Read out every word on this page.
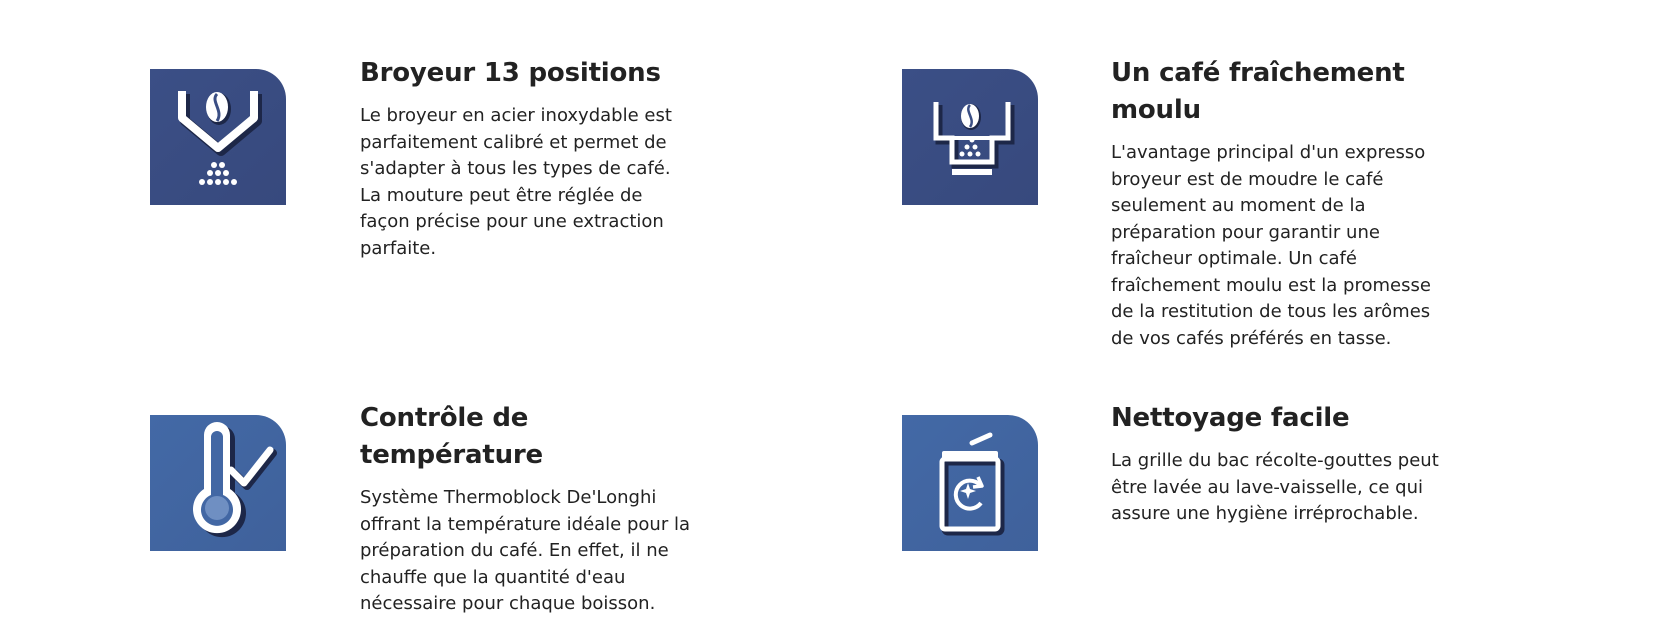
Broyeur 13 positions

Le broyeur en acier inoxydable est parfaitement calibré et permet de s'adapter à tous les types de café. La mouture peut être réglée de façon précise pour une extraction parfaite.

Un café fraîchement moulu

L'avantage principal d'un expresso broyeur est de moudre le café seulement au moment de la préparation pour garantir une fraîcheur optimale. Un café fraîchement moulu est la promesse de la restitution de tous les arômes de vos cafés préférés en tasse.

Contrôle de température

Système Thermoblock De'Longhi offrant la température idéale pour la préparation du café. En effet, il ne chauffe que la quantité d'eau nécessaire pour chaque boisson.

Nettoyage facile

La grille du bac récolte-gouttes peut être lavée au lave-vaisselle, ce qui assure une hygiène irréprochable.
